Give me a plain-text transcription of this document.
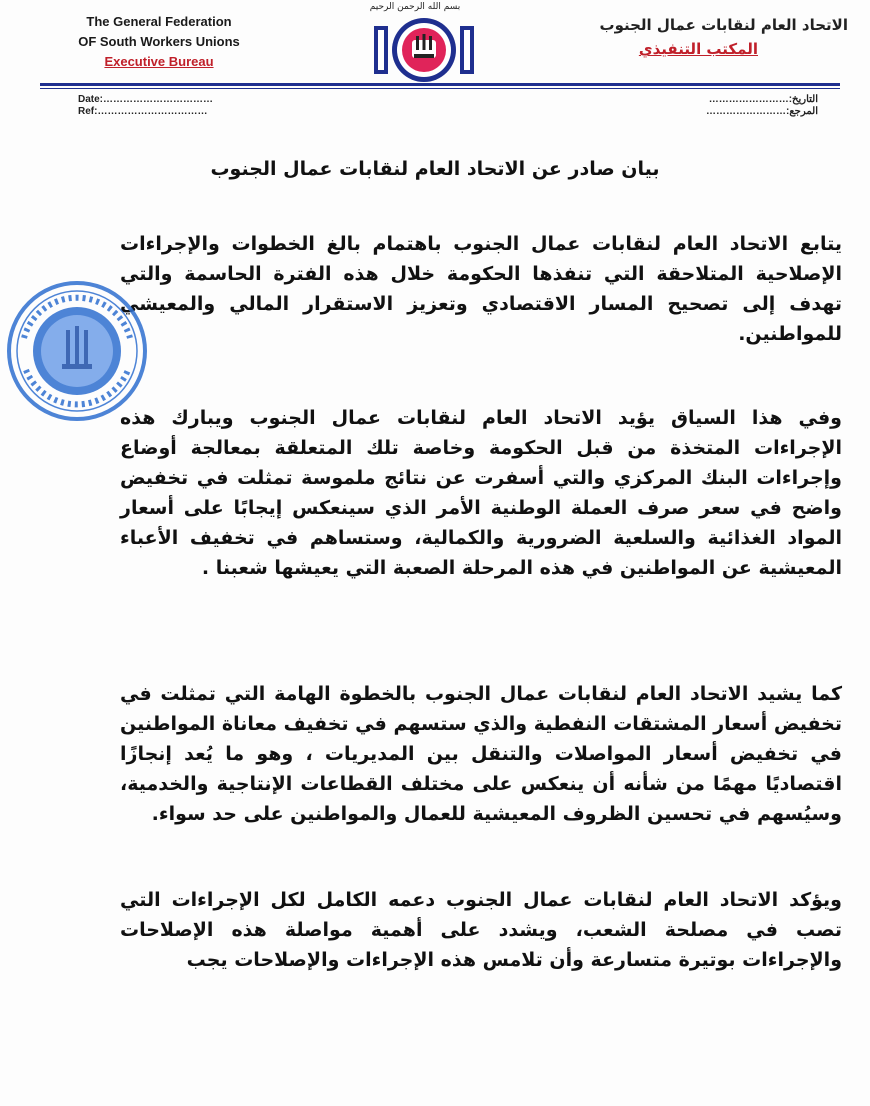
The General Federation
OF South Workers Unions
Executive Bureau
بسم الله الرحمن الرحيم
الاتحاد العام لنقابات عمال الجنوب
المكتب التنفيذي
Date:……………………………
Ref:……………………………
التاريخ:……………………
المرجع:……………………
بيان صادر عن الاتحاد العام لنقابات عمال الجنوب
يتابع الاتحاد العام لنقابات عمال الجنوب باهتمام بالغ الخطوات والإجراءات الإصلاحية المتلاحقة التي تنفذها الحكومة خلال هذه الفترة الحاسمة والتي تهدف إلى تصحيح المسار الاقتصادي وتعزيز الاستقرار المالي والمعيشي للمواطنين.
وفي هذا السياق يؤيد الاتحاد العام لنقابات عمال الجنوب ويبارك هذه الإجراءات المتخذة من قبل الحكومة وخاصة تلك المتعلقة بمعالجة أوضاع وإجراءات البنك المركزي والتي أسفرت عن نتائج ملموسة تمثلت في تخفيض واضح في سعر صرف العملة الوطنية الأمر الذي سينعكس إيجابًا على أسعار المواد الغذائية والسلعية الضرورية والكمالية، وستساهم في تخفيف الأعباء المعيشية عن المواطنين في هذه المرحلة الصعبة التي يعيشها شعبنا .
كما يشيد الاتحاد العام لنقابات عمال الجنوب بالخطوة الهامة التي تمثلت في تخفيض أسعار المشتقات النفطية والذي ستسهم في تخفيف معاناة المواطنين في تخفيض أسعار المواصلات والتنقل بين المديريات ، وهو ما يُعد إنجازًا اقتصاديًا مهمًا من شأنه أن ينعكس على مختلف القطاعات الإنتاجية والخدمية، وسيُسهم في تحسين الظروف المعيشية للعمال والمواطنين على حد سواء.
ويؤكد الاتحاد العام لنقابات عمال الجنوب دعمه الكامل لكل الإجراءات التي تصب في مصلحة الشعب، ويشدد على أهمية مواصلة هذه الإصلاحات والإجراءات بوتيرة متسارعة وأن تلامس هذه الإجراءات والإصلاحات يجب
